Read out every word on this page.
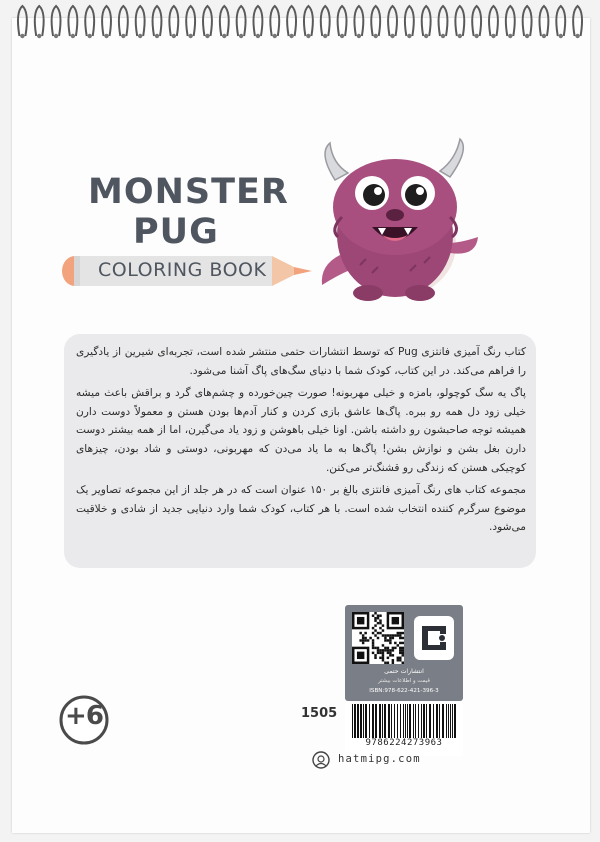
MONSTER
PUG
COLORING BOOK

کتاب رنگ آمیزی فانتزی Pug که توسط انتشارات حتمی منتشر شده است، تجربه‌ای شیرین از یادگیری را فراهم می‌کند. در این کتاب، کودک شما با دنیای سگ‌های پاگ آشنا می‌شود.

پاگ یه سگ کوچولو، بامزه و خیلی مهربونه! صورت چین‌خورده و چشم‌های گرد و براقش باعث میشه خیلی زود دل همه رو ببره. پاگ‌ها عاشق بازی کردن و کنار آدم‌ها بودن هستن و معمولاً دوست دارن همیشه توجه صاحبشون رو داشته باشن. اونا خیلی باهوشن و زود یاد می‌گیرن، اما از همه بیشتر دوست دارن بغل بشن و نوازش بشن! پاگ‌ها به ما یاد می‌دن که مهربونی، دوستی و شاد بودن، چیزهای کوچیکی هستن که زندگی رو قشنگ‌تر می‌کنن.

مجموعه کتاب های رنگ آمیزی فانتزی بالغ بر ۱۵۰ عنوان است که در هر جلد از این مجموعه تصاویر یک موضوع سرگرم کننده انتخاب شده است. با هر کتاب، کودک شما وارد دنیایی جدید از شادی و خلاقیت می‌شود.

+6	1505
انتشارات حتمی
قیمت و اطلاعات بیشتر
ISBN:978-622-421-396-3
9786224273963
hatmipg.com
